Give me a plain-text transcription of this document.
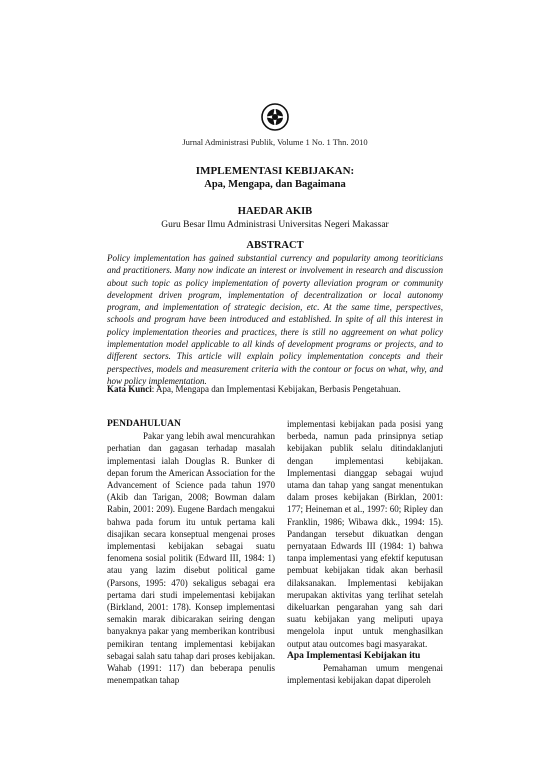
Jurnal Administrasi Publik, Volume 1 No. 1 Thn. 2010
IMPLEMENTASI KEBIJAKAN:
Apa, Mengapa, dan Bagaimana
HAEDAR AKIB
Guru Besar Ilmu Administrasi Universitas Negeri Makassar
ABSTRACT

Policy implementation has gained substantial currency and popularity among teoriticians and practitioners. Many now indicate an interest or involvement in research and discussion about such topic as policy implementation of poverty alleviation program or community development driven program, implementation of decentralization or local autonomy program, and implementation of strategic decision, etc. At the same time, perspectives, schools and program have been introduced and established. In spite of all this interest in policy implementation theories and practices, there is still no aggreement on what policy implementation model applicable to all kinds of development programs or projects, and to different sectors. This article will explain policy implementation concepts and their perspectives, models and measurement criteria with the contour or focus on what, why, and how policy implementation.

Kata Kunci: Apa, Mengapa dan Implementasi Kebijakan, Berbasis Pengetahuan.

PENDAHULUAN

Pakar yang lebih awal mencurahkan perhatian dan gagasan terhadap masalah implementasi ialah Douglas R. Bunker di depan forum the American Association for the Advancement of Science pada tahun 1970 (Akib dan Tarigan, 2008; Bowman dalam Rabin, 2001: 209). Eugene Bardach mengakui bahwa pada forum itu untuk pertama kali disajikan secara konseptual mengenai proses implementasi kebijakan sebagai suatu fenomena sosial politik (Edward III, 1984: 1) atau yang lazim disebut political game (Parsons, 1995: 470) sekaligus sebagai era pertama dari studi impelementasi kebijakan (Birkland, 2001: 178). Konsep implementasi semakin marak dibicarakan seiring dengan banyaknya pakar yang memberikan kontribusi pemikiran tentang implementasi kebijakan sebagai salah satu tahap dari proses kebijakan. Wahab (1991: 117) dan beberapa penulis menempatkan tahap

implementasi kebijakan pada posisi yang berbeda, namun pada prinsipnya setiap kebijakan publik selalu ditindaklanjuti dengan implementasi kebijakan. Implementasi dianggap sebagai wujud utama dan tahap yang sangat menentukan dalam proses kebijakan (Birklan, 2001: 177; Heineman et al., 1997: 60; Ripley dan Franklin, 1986; Wibawa dkk., 1994: 15). Pandangan tersebut dikuatkan dengan pernyataan Edwards III (1984: 1) bahwa tanpa implementasi yang efektif keputusan pembuat kebijakan tidak akan berhasil dilaksanakan. Implementasi kebijakan merupakan aktivitas yang terlihat setelah dikeluarkan pengarahan yang sah dari suatu kebijakan yang meliputi upaya mengelola input untuk menghasilkan output atau outcomes bagi masyarakat.

Apa Implementasi Kebijakan itu

Pemahaman umum mengenai implementasi kebijakan dapat diperoleh
